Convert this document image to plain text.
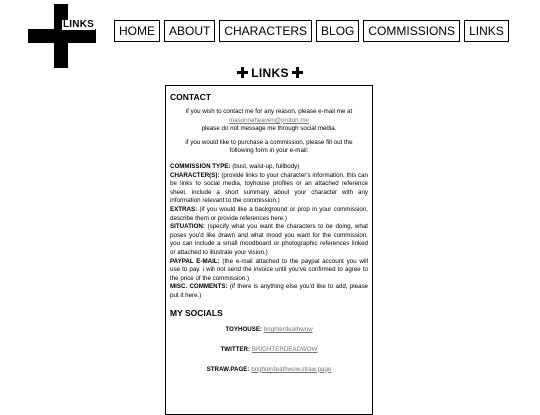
LINKS	HOME	ABOUT	CHARACTERS	BLOG	COMMISSIONS	LINKS
LINKS
CONTACT
if you wish to contact me for any reason, please e-mail me at
masonnaheaven@proton.me
please do not message me through social media.
if you would like to purchase a commission, please fill out the following form in your e-mail:
COMMISSION TYPE: (bust, waist-up, fullbody)
CHARACTER(S): (provide links to your character's information. this can be links to social media, toyhouse profiles or an attached reference sheet. include a short summary about your character with any information relevant to the commission.)
EXTRAS: (if you would like a background or prop in your commission, describe them or provide references here.)
SITUATION: (specify what you want the characters to be doing, what poses you'd like drawn and what mood you want for the commission. you can include a small moodboard or photographic references linked or attached to illustrate your vision.)
PAYPAL E-MAIL: (the e-mail attached to the paypal account you will use to pay. i will not send the invoice until you've confirmed to agree to the price of the commission.)
MISC. COMMENTS: (if there is anything else you'd like to add, please put it here.)
MY SOCIALS
TOYHOUSE: brighterdeathwow
TWITTER: BRIGHTERDEADWOW
STRAW.PAGE: brighterdeathwow.straw.page
